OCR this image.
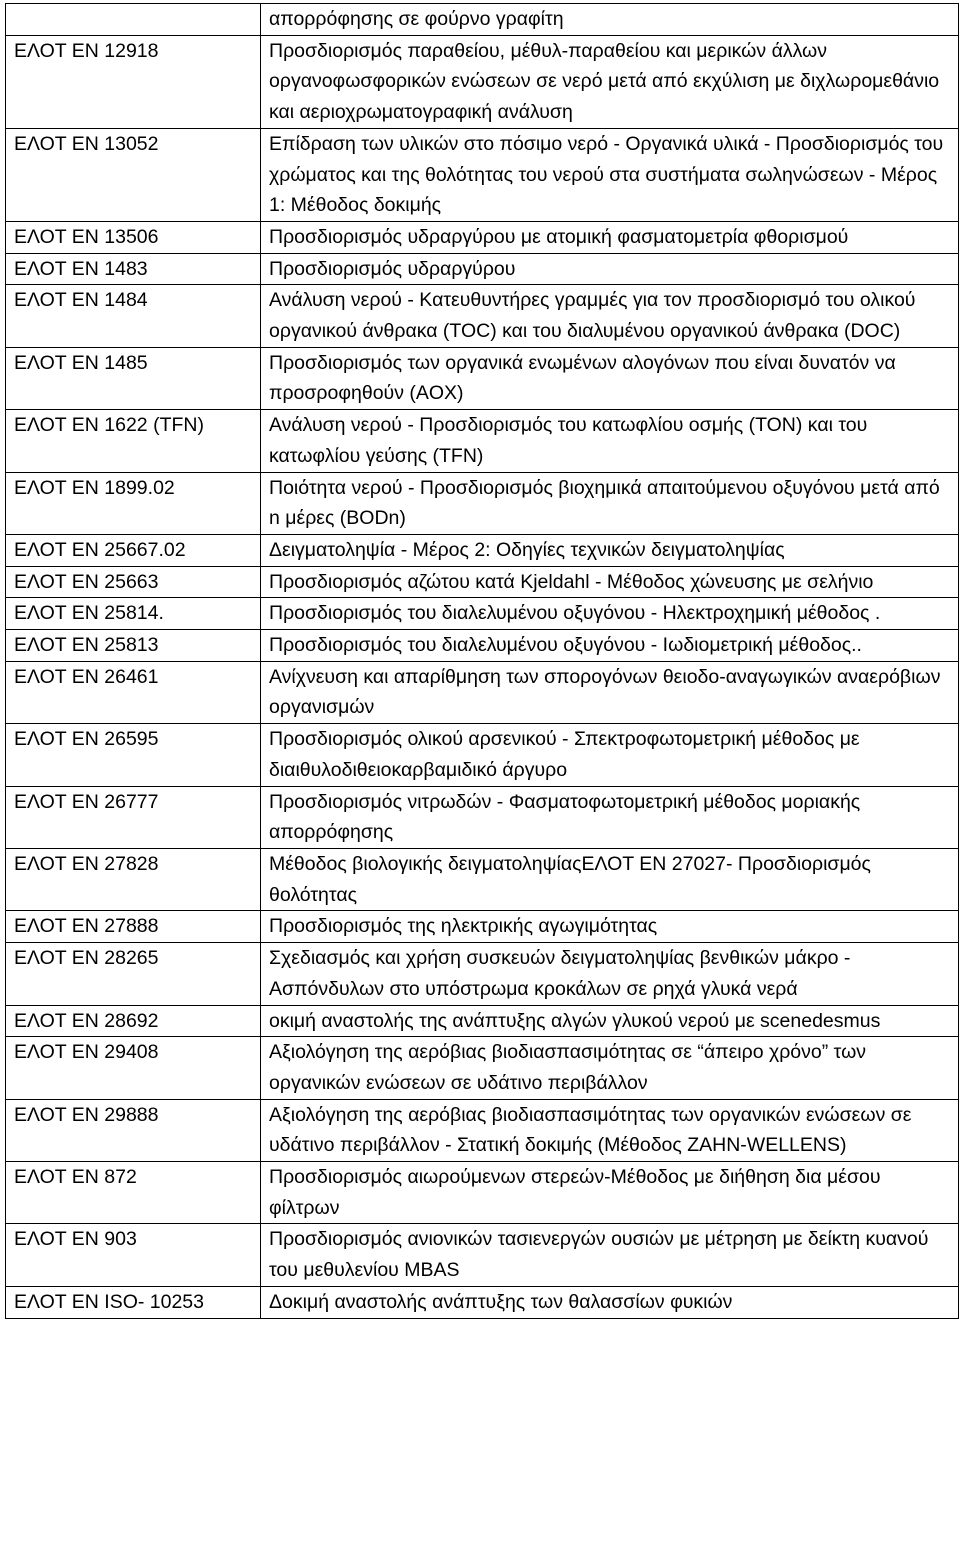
	απορρόφησης σε φούρνο γραφίτη
ΕΛΟΤ ΕΝ 12918	Προσδιορισμός παραθείου, μέθυλ-παραθείου και μερικών άλλων οργανοφωσφορικών ενώσεων σε νερό μετά από εκχύλιση με διχλωρομεθάνιο και αεριοχρωματογραφική ανάλυση
ΕΛΟΤ ΕΝ 13052	Επίδραση των υλικών στο πόσιμο νερό - Οργανικά υλικά - Προσδιορισμός του χρώματος και της θολότητας του νερού στα συστήματα σωληνώσεων - Μέρος 1: Μέθοδος δοκιμής
ΕΛΟΤ ΕΝ 13506	Προσδιορισμός υδραργύρου με ατομική φασματομετρία φθορισμού
ΕΛΟΤ ΕΝ 1483	Προσδιορισμός υδραργύρου
ΕΛΟΤ ΕΝ 1484	Ανάλυση νερού - Κατευθυντήρες γραμμές για τον προσδιορισμό του ολικού οργανικού άνθρακα (TOC) και του διαλυμένου οργανικού άνθρακα (DOC)
ΕΛΟΤ ΕΝ 1485	Προσδιορισμός των οργανικά ενωμένων αλογόνων που είναι δυνατόν να προσροφηθούν (AOX)
ΕΛΟΤ ΕΝ 1622 (TFN)	Ανάλυση νερού - Προσδιορισμός του κατωφλίου οσμής (TON) και του κατωφλίου γεύσης (TFN)
ΕΛΟΤ ΕΝ 1899.02	Ποιότητα νερού - Προσδιορισμός βιοχημικά απαιτούμενου οξυγόνου μετά από n μέρες (BODn)
ΕΛΟΤ ΕΝ 25667.02	Δειγματοληψία - Μέρος 2: Οδηγίες τεχνικών δειγματοληψίας
ΕΛΟΤ ΕΝ 25663	Προσδιορισμός αζώτου κατά Kjeldahl - Μέθοδος χώνευσης με σελήνιο
ΕΛΟΤ ΕΝ 25814.	Προσδιορισμός του διαλελυμένου οξυγόνου - Ηλεκτροχημική μέθοδος .
ΕΛΟΤ ΕΝ 25813	Προσδιορισμός του διαλελυμένου οξυγόνου - Ιωδιομετρική μέθοδος..
ΕΛΟΤ ΕΝ 26461	Ανίχνευση και απαρίθμηση των σπορογόνων θειοδο-αναγωγικών αναερόβιων οργανισμών
ΕΛΟΤ ΕΝ 26595	Προσδιορισμός ολικού αρσενικού - Σπεκτροφωτομετρική μέθοδος με διαιθυλοδιθειοκαρβαμιδικό άργυρο
ΕΛΟΤ ΕΝ 26777	Προσδιορισμός νιτρωδών - Φασματοφωτομετρική μέθοδος μοριακής απορρόφησης
ΕΛΟΤ ΕΝ 27828	Μέθοδος βιολογικής δειγματοληψίαςΕΛΟΤ ΕΝ 27027- Προσδιορισμός θολότητας
ΕΛΟΤ ΕΝ 27888	Προσδιορισμός της ηλεκτρικής αγωγιμότητας
ΕΛΟΤ ΕΝ 28265	Σχεδιασμός και χρήση συσκευών δειγματοληψίας βενθικών μάκρο - Ασπόνδυλων στο υπόστρωμα κροκάλων σε ρηχά γλυκά νερά
ΕΛΟΤ ΕΝ 28692	οκιμή αναστολής της ανάπτυξης αλγών γλυκού νερού με scenedesmus
ΕΛΟΤ ΕΝ 29408	Αξιολόγηση της αερόβιας βιοδιασπασιμότητας σε “άπειρο χρόνο” των οργανικών ενώσεων σε υδάτινο περιβάλλον
ΕΛΟΤ ΕΝ 29888	Αξιολόγηση της αερόβιας βιοδιασπασιμότητας των οργανικών ενώσεων σε υδάτινο περιβάλλον - Στατική δοκιμής (Μέθοδος ZAHN-WELLENS)
ΕΛΟΤ ΕΝ 872	Προσδιορισμός αιωρούμενων στερεών-Μέθοδος με διήθηση δια μέσου φίλτρων
ΕΛΟΤ ΕΝ 903	Προσδιορισμός ανιονικών τασιενεργών ουσιών με μέτρηση με δείκτη κυανού του μεθυλενίου MBAS
ΕΛΟΤ ΕΝ ISO- 10253	Δοκιμή αναστολής ανάπτυξης των θαλασσίων φυκιών
